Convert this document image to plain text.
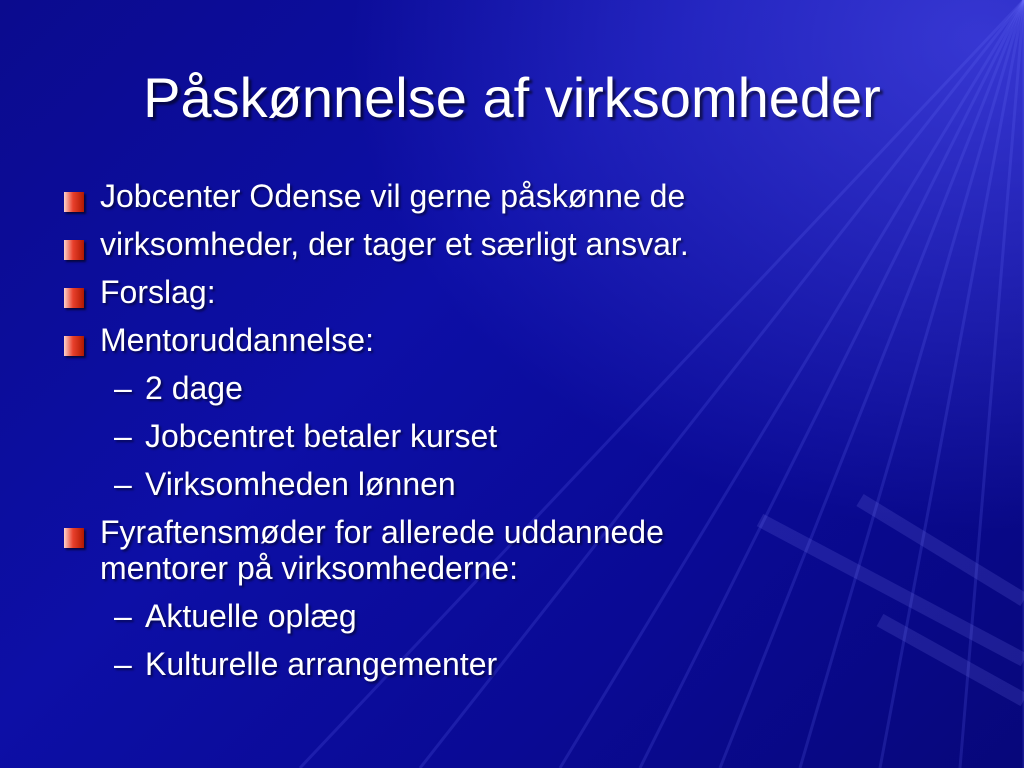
Påskønnelse af virksomheder
Jobcenter Odense vil gerne påskønne de
virksomheder, der tager et særligt ansvar.
Forslag:
Mentoruddannelse:
– 2 dage
– Jobcentret betaler kurset
– Virksomheden lønnen
Fyraftensmøder for allerede uddannede
mentorer på virksomhederne:
– Aktuelle oplæg
– Kulturelle arrangementer
